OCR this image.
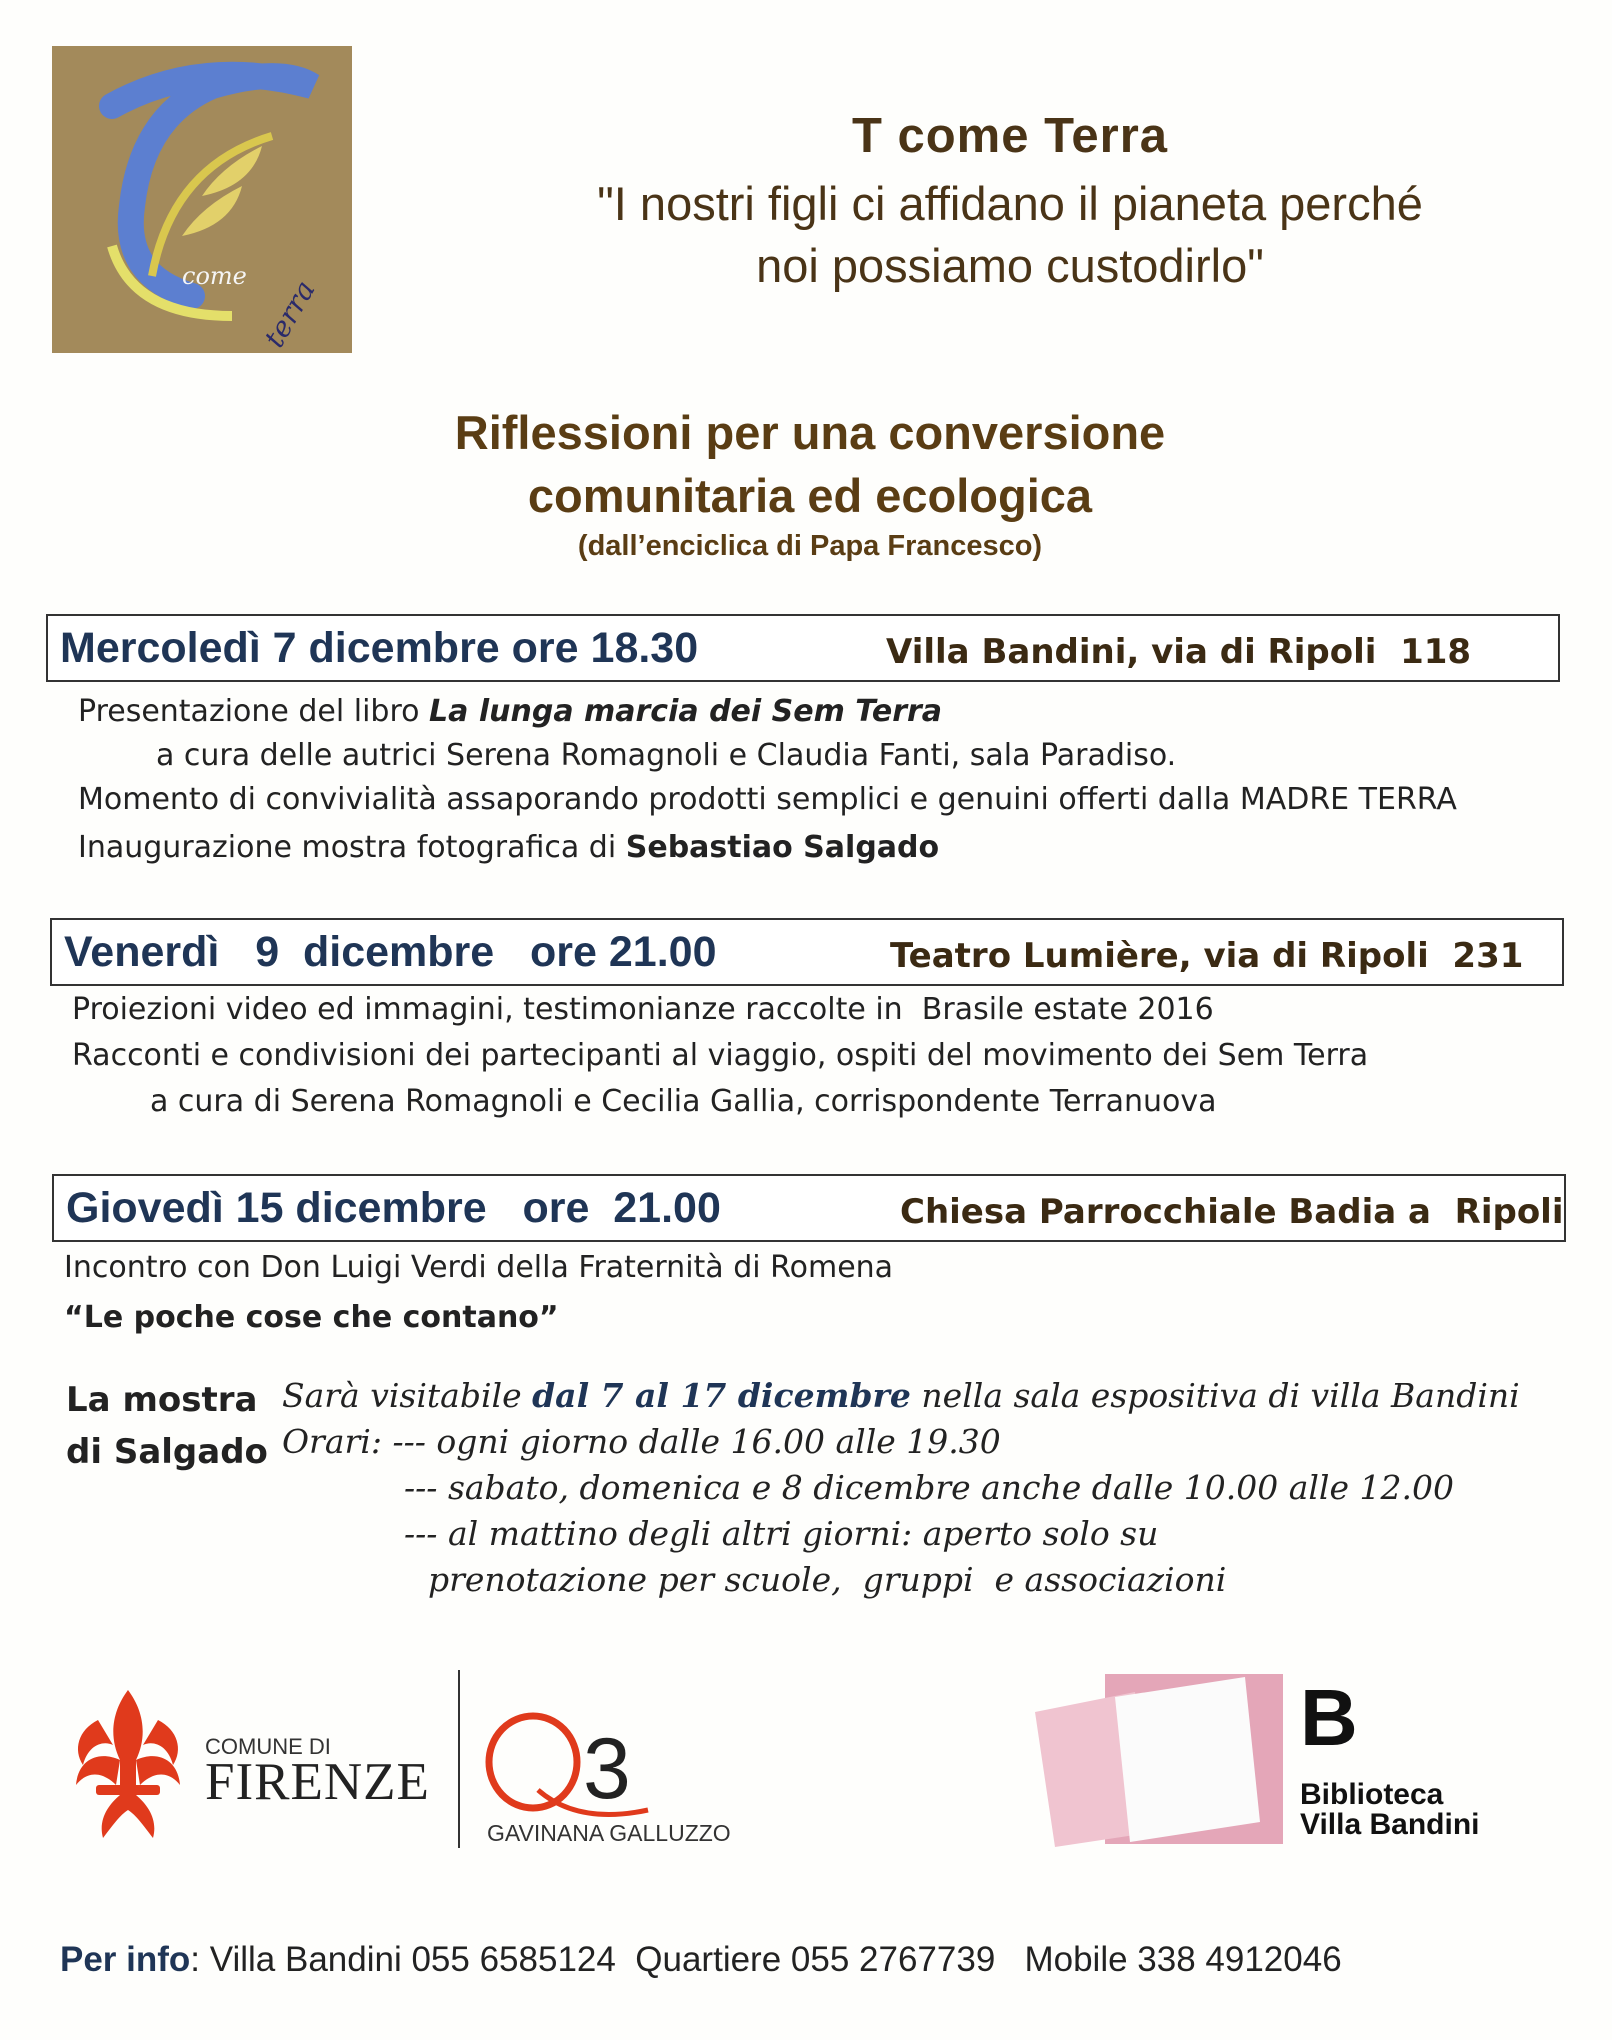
come terra
T come Terra
"I nostri figli ci affidano il pianeta perché
noi possiamo custodirlo"
Riflessioni per una conversione
comunitaria ed ecologica
(dall’enciclica di Papa Francesco)
Mercoledì 7 dicembre ore 18.30	Villa Bandini, via di Ripoli  118
Presentazione del libro La lunga marcia dei Sem Terra
a cura delle autrici Serena Romagnoli e Claudia Fanti, sala Paradiso.
Momento di convivialità assaporando prodotti semplici e genuini offerti dalla MADRE TERRA
Inaugurazione mostra fotografica di Sebastiao Salgado
Venerdì   9  dicembre   ore 21.00	Teatro Lumière, via di Ripoli  231
Proiezioni video ed immagini, testimonianze raccolte in  Brasile estate 2016
Racconti e condivisioni dei partecipanti al viaggio, ospiti del movimento dei Sem Terra
a cura di Serena Romagnoli e Cecilia Gallia, corrispondente Terranuova
Giovedì 15 dicembre   ore  21.00	Chiesa Parrocchiale Badia a  Ripoli
Incontro con Don Luigi Verdi della Fraternità di Romena
“Le poche cose che contano”
La mostra
di Salgado
Sarà visitabile dal 7 al 17 dicembre nella sala espositiva di villa Bandini
Orari: --- ogni giorno dalle 16.00 alle 19.30
--- sabato, domenica e 8 dicembre anche dalle 10.00 alle 12.00
--- al mattino degli altri giorni: aperto solo su
prenotazione per scuole,  gruppi  e associazioni
COMUNE DI
FIRENZE 3
GAVINANA GALLUZZO
B
Biblioteca
Villa Bandini
Per info: Villa Bandini 055 6585124  Quartiere 055 2767739   Mobile 338 4912046
